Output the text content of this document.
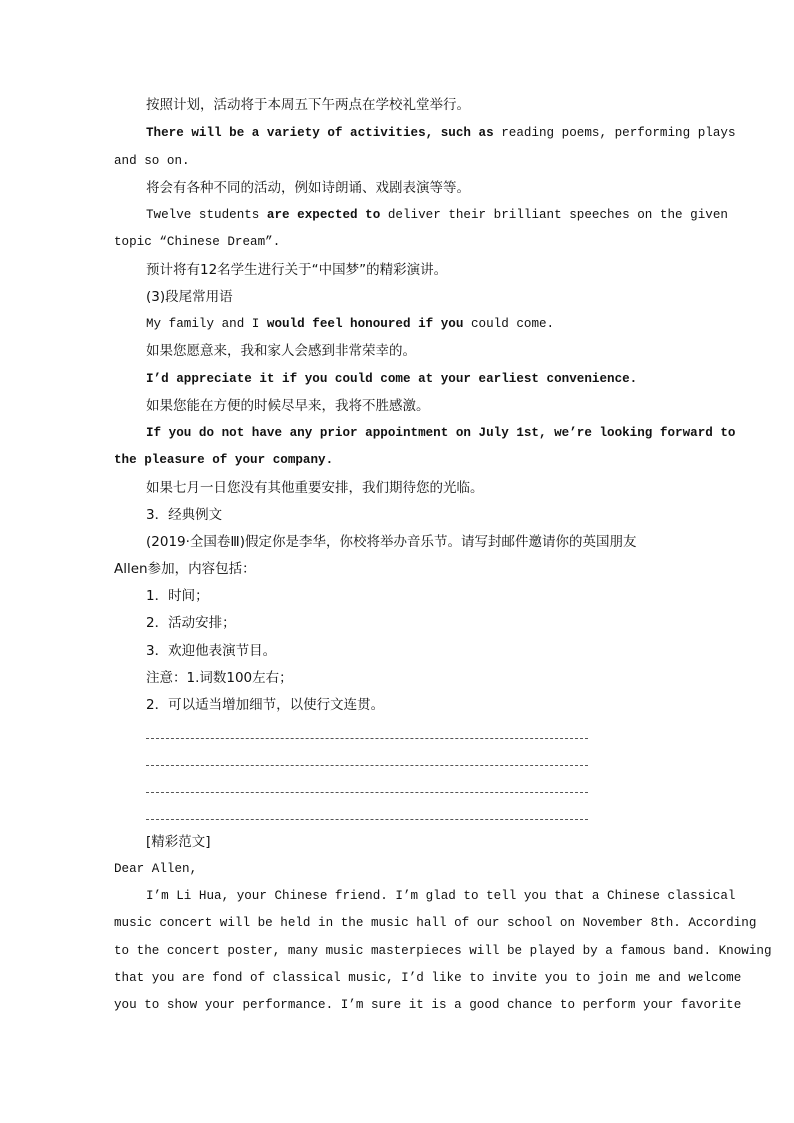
按照计划，活动将于本周五下午两点在学校礼堂举行。
There will be a variety of activities, such as reading poems, performing plays
and so on.
将会有各种不同的活动，例如诗朗诵、戏剧表演等等。
Twelve students are expected to deliver their brilliant speeches on the given
topic “Chinese Dream”.
预计将有12名学生进行关于“中国梦”的精彩演讲。
(3)段尾常用语
My family and I would feel honoured if you could come.
如果您愿意来，我和家人会感到非常荣幸的。
I’d appreciate it if you could come at your earliest convenience.
如果您能在方便的时候尽早来，我将不胜感激。
If you do not have any prior appointment on July 1st, we’re looking forward to
the pleasure of your company.
如果七月一日您没有其他重要安排，我们期待您的光临。
3．经典例文
(2019·全国卷Ⅲ)假定你是李华，你校将举办音乐节。请写封邮件邀请你的英国朋友
Allen参加，内容包括：
1．时间；
2．活动安排；
3．欢迎他表演节目。
注意：1.词数100左右；
2．可以适当增加细节，以使行文连贯。
[精彩范文]
Dear Allen,
I’m Li Hua, your Chinese friend. I’m glad to tell you that a Chinese classical
music concert will be held in the music hall of our school on November 8th. According
to the concert poster, many music masterpieces will be played by a famous band. Knowing
that you are fond of classical music, I’d like to invite you to join me and welcome
you to show your performance. I’m sure it is a good chance to perform your favorite
